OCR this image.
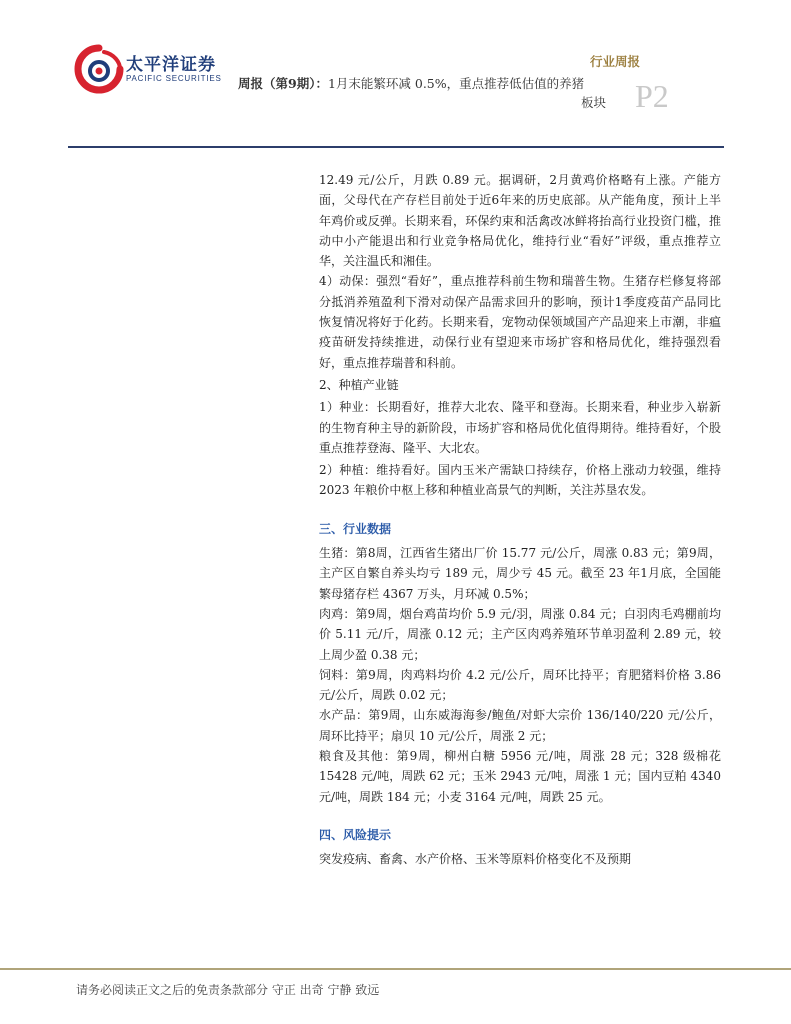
太平洋证券
PACIFIC SECURITIES 周报（第9期）：1月末能繁环减 0.5%，重点推荐低估值的养猪
板块
行业周报
P2

12.49 元/公斤，月跌 0.89 元。据调研，2月黄鸡价格略有上涨。产能方面，父母代在产存栏目前处于近6年来的历史底部。从产能角度，预计上半年鸡价或反弹。长期来看，环保约束和活禽改冰鲜将抬高行业投资门槛，推动中小产能退出和行业竞争格局优化，维持行业“看好”评级，重点推荐立华，关注温氏和湘佳。

4）动保：强烈“看好”，重点推荐科前生物和瑞普生物。生猪存栏修复将部分抵消养殖盈利下滑对动保产品需求回升的影响，预计1季度疫苗产品同比恢复情况将好于化药。长期来看，宠物动保领域国产产品迎来上市潮，非瘟疫苗研发持续推进，动保行业有望迎来市场扩容和格局优化，维持强烈看好，重点推荐瑞普和科前。

2、种植产业链

1）种业：长期看好，推荐大北农、隆平和登海。长期来看，种业步入崭新的生物育种主导的新阶段，市场扩容和格局优化值得期待。维持看好，个股重点推荐登海、隆平、大北农。

2）种植：维持看好。国内玉米产需缺口持续存，价格上涨动力较强，维持 2023 年粮价中枢上移和种植业高景气的判断，关注苏垦农发。

三、行业数据

生猪：第8周，江西省生猪出厂价 15.77 元/公斤，周涨 0.83 元；第9周，主产区自繁自养头均亏 189 元，周少亏 45 元。截至 23 年1月底，全国能繁母猪存栏 4367 万头，月环减 0.5%；

肉鸡：第9周，烟台鸡苗均价 5.9 元/羽，周涨 0.84 元；白羽肉毛鸡棚前均价 5.11 元/斤，周涨 0.12 元；主产区肉鸡养殖环节单羽盈利 2.89 元，较上周少盈 0.38 元；

饲料：第9周，肉鸡料均价 4.2 元/公斤，周环比持平；育肥猪料价格 3.86 元/公斤，周跌 0.02 元；

水产品：第9周，山东威海海参/鲍鱼/对虾大宗价 136/140/220 元/公斤，周环比持平；扇贝 10 元/公斤，周涨 2 元；

粮食及其他：第9周，柳州白糖 5956 元/吨，周涨 28 元；328 级棉花 15428 元/吨，周跌 62 元；玉米 2943 元/吨，周涨 1 元；国内豆粕 4340 元/吨，周跌 184 元；小麦 3164 元/吨，周跌 25 元。

四、风险提示

突发疫病、畜禽、水产价格、玉米等原料价格变化不及预期

请务必阅读正文之后的免责条款部分 守正 出奇 宁静 致远
